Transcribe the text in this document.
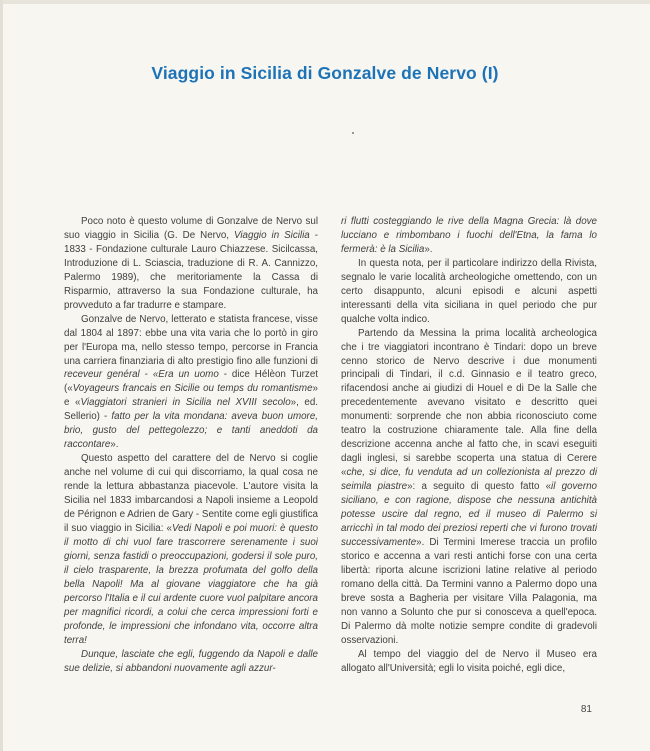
Viaggio in Sicilia di Gonzalve de Nervo (I)

Poco noto è questo volume di Gonzalve de Nervo sul suo viaggio in Sicilia (G. De Nervo, Viaggio in Sicilia - 1833 - Fondazione culturale Lauro Chiazzese. Sicilcassa, Introduzione di L. Sciascia, traduzione di R. A. Cannizzo, Palermo 1989), che meritoriamente la Cassa di Risparmio, attraverso la sua Fondazione culturale, ha provveduto a far tradurre e stampare.

Gonzalve de Nervo, letterato e statista francese, visse dal 1804 al 1897: ebbe una vita varia che lo portò in giro per l'Europa ma, nello stesso tempo, percorse in Francia una carriera finanziaria di alto prestigio fino alle funzioni di receveur genéral - «Era un uomo - dice Hélèon Turzet («Voyageurs francais en Sicilie ou temps du romantisme» e «Viaggiatori stranieri in Sicilia nel XVIII secolo», ed. Sellerio) - fatto per la vita mondana: aveva buon umore, brio, gusto del pettegolezzo; e tanti aneddoti da raccontare».

Questo aspetto del carattere del de Nervo si coglie anche nel volume di cui qui discorriamo, la qual cosa ne rende la lettura abbastanza piacevole. L'autore visita la Sicilia nel 1833 imbarcandosi a Napoli insieme a Leopold de Pérignon e Adrien de Gary - Sentite come egli giustifica il suo viaggio in Sicilia: «Vedi Napoli e poi muori: è questo il motto di chi vuol fare trascorrere serenamente i suoi giorni, senza fastidi o preoccupazioni, godersi il sole puro, il cielo trasparente, la brezza profumata del golfo della bella Napoli! Ma al giovane viaggiatore che ha già percorso l'Italia e il cui ardente cuore vuol palpitare ancora per magnifici ricordi, a colui che cerca impressioni forti e profonde, le impressioni che infondano vita, occorre altra terra!

Dunque, lasciate che egli, fuggendo da Napoli e dalle sue delizie, si abbandoni nuovamente agli azzur-

ri flutti costeggiando le rive della Magna Grecia: là dove lucciano e rimbombano i fuochi dell'Etna, la fama lo fermerà: è la Sicilia».

In questa nota, per il particolare indirizzo della Rivista, segnalo le varie località archeologiche omettendo, con un certo disappunto, alcuni episodi e alcuni aspetti interessanti della vita siciliana in quel periodo che pur qualche volta indico.

Partendo da Messina la prima località archeologica che i tre viaggiatori incontrano è Tindari: dopo un breve cenno storico de Nervo descrive i due monumenti principali di Tindari, il c.d. Ginnasio e il teatro greco, rifacendosi anche ai giudizi di Houel e di De la Salle che precedentemente avevano visitato e descritto quei monumenti: sorprende che non abbia riconosciuto come teatro la costruzione chiaramente tale. Alla fine della descrizione accenna anche al fatto che, in scavi eseguiti dagli inglesi, si sarebbe scoperta una statua di Cerere «che, si dice, fu venduta ad un collezionista al prezzo di seimila piastre»: a seguito di questo fatto «il governo siciliano, e con ragione, dispose che nessuna antichità potesse uscire dal regno, ed il museo di Palermo si arricchì in tal modo dei preziosi reperti che vi furono trovati successivamente». Di Termini Imerese traccia un profilo storico e accenna a vari resti antichi forse con una certa libertà: riporta alcune iscrizioni latine relative al periodo romano della città. Da Termini vanno a Palermo dopo una breve sosta a Bagheria per visitare Villa Palagonia, ma non vanno a Solunto che pur si conosceva a quell'epoca. Di Palermo dà molte notizie sempre condite di gradevoli osservazioni.

Al tempo del viaggio del de Nervo il Museo era allogato all'Università; egli lo visita poiché, egli dice,

81
